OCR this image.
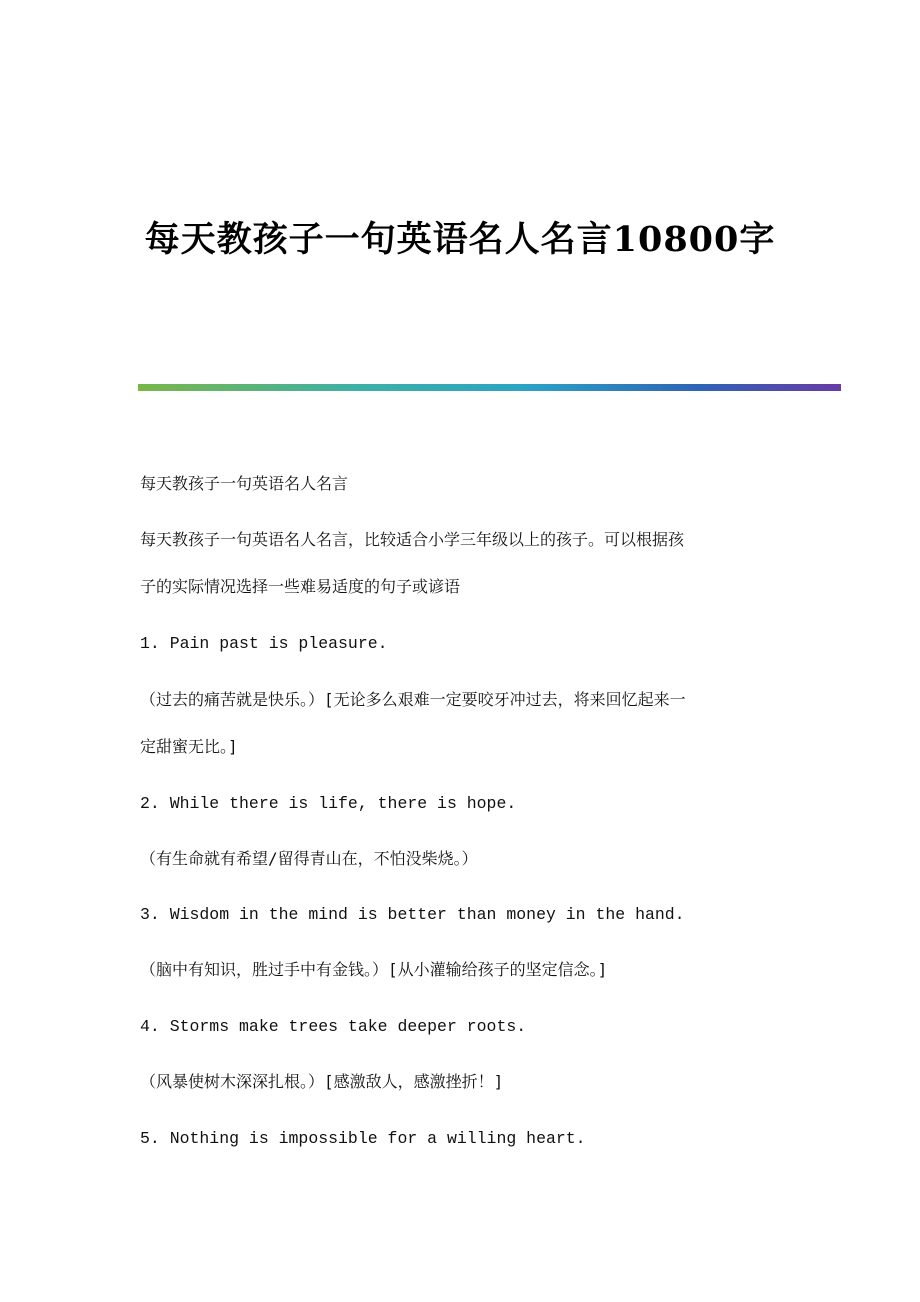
每天教孩子一句英语名人名言10800字
每天教孩子一句英语名人名言
每天教孩子一句英语名人名言，比较适合小学三年级以上的孩子。可以根据孩
子的实际情况选择一些难易适度的句子或谚语
1. Pain past is pleasure.
（过去的痛苦就是快乐。）[无论多么艰难一定要咬牙冲过去，将来回忆起来一
定甜蜜无比。]
2. While there is life, there is hope.
（有生命就有希望/留得青山在，不怕没柴烧。）
3. Wisdom in the mind is better than money in the hand.
（脑中有知识，胜过手中有金钱。）[从小灌输给孩子的坚定信念。]
4. Storms make trees take deeper roots.
（风暴使树木深深扎根。）[感激敌人，感激挫折！]
5. Nothing is impossible for a willing heart.
